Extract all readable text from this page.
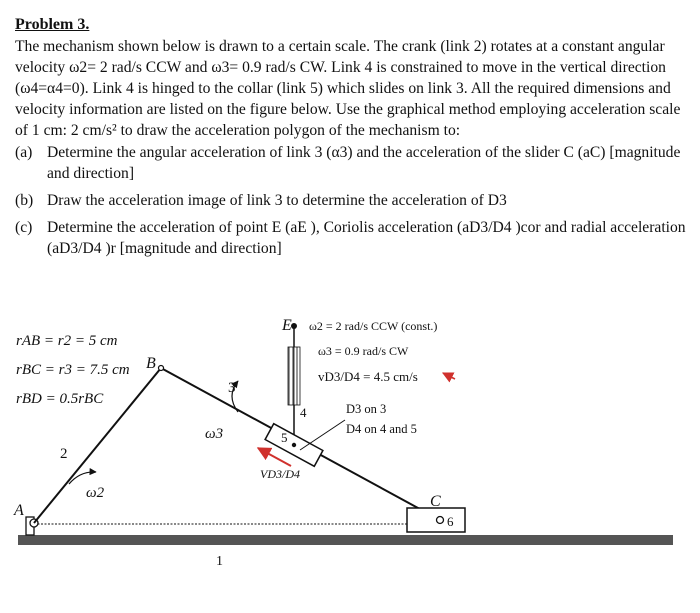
Problem 3.

The mechanism shown below is drawn to a certain scale. The crank (link 2) rotates at a constant angular velocity ω2= 2 rad/s CCW and ω3= 0.9 rad/s CW. Link 4 is constrained to move in the vertical direction (ω4=α4=0). Link 4 is hinged to the collar (link 5) which slides on link 3. All the required dimensions and velocity information are listed on the figure below. Use the graphical method employing acceleration scale of 1 cm: 2 cm/s² to draw the acceleration polygon of the mechanism to:

(a) Determine the angular acceleration of link 3 (α3) and the acceleration of the slider C (aC) [magnitude and direction]
(b) Draw the acceleration image of link 3 to determine the acceleration of D3
(c) Determine the acceleration of point E (aE ), Coriolis acceleration (aD3/D4 )cor and radial acceleration (aD3/D4 )r [magnitude and direction]
rAB = r2 = 5 cm
rBC = r3 = 7.5 cm
rBD = 0.5rBC
ω2 = 2 rad/s CCW (const.)
ω3 = 0.9 rad/s CW
vD3/D4 = 4.5 cm/s
D3 on 3
D4 on 4 and 5
A
B
C
E
1
2
3
4
5
6
ω2
ω3
VD3/D4
